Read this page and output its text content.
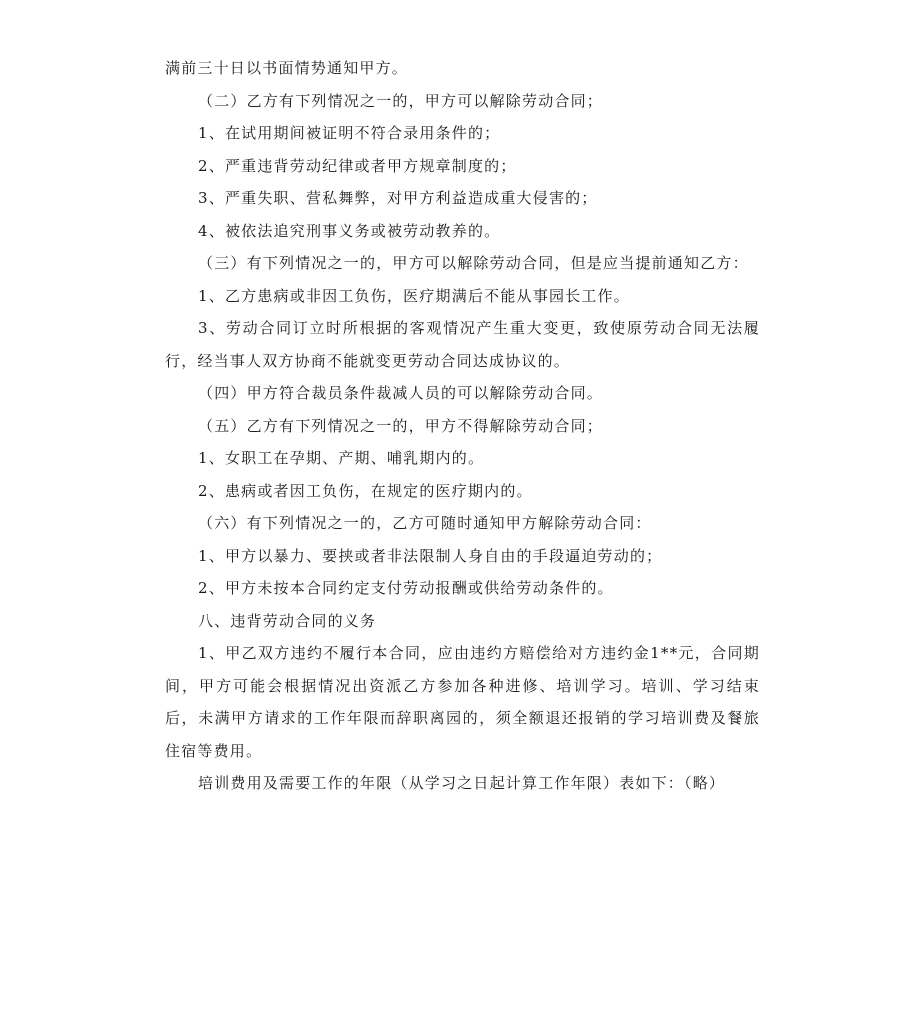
满前三十日以书面情势通知甲方。

（二）乙方有下列情况之一的，甲方可以解除劳动合同；

1、在试用期间被证明不符合录用条件的；

2、严重违背劳动纪律或者甲方规章制度的；

3、严重失职、营私舞弊，对甲方利益造成重大侵害的；

4、被依法追究刑事义务或被劳动教养的。

（三）有下列情况之一的，甲方可以解除劳动合同，但是应当提前通知乙方：

1、乙方患病或非因工负伤，医疗期满后不能从事园长工作。

3、劳动合同订立时所根据的客观情况产生重大变更，致使原劳动合同无法履行，经当事人双方协商不能就变更劳动合同达成协议的。

（四）甲方符合裁员条件裁减人员的可以解除劳动合同。

（五）乙方有下列情况之一的，甲方不得解除劳动合同；

1、女职工在孕期、产期、哺乳期内的。

2、患病或者因工负伤，在规定的医疗期内的。

（六）有下列情况之一的，乙方可随时通知甲方解除劳动合同：

1、甲方以暴力、要挟或者非法限制人身自由的手段逼迫劳动的；

2、甲方未按本合同约定支付劳动报酬或供给劳动条件的。

八、违背劳动合同的义务

1、甲乙双方违约不履行本合同，应由违约方赔偿给对方违约金1**元，合同期间，甲方可能会根据情况出资派乙方参加各种进修、培训学习。培训、学习结束后，未满甲方请求的工作年限而辞职离园的，须全额退还报销的学习培训费及餐旅住宿等费用。

培训费用及需要工作的年限（从学习之日起计算工作年限）表如下：（略）
